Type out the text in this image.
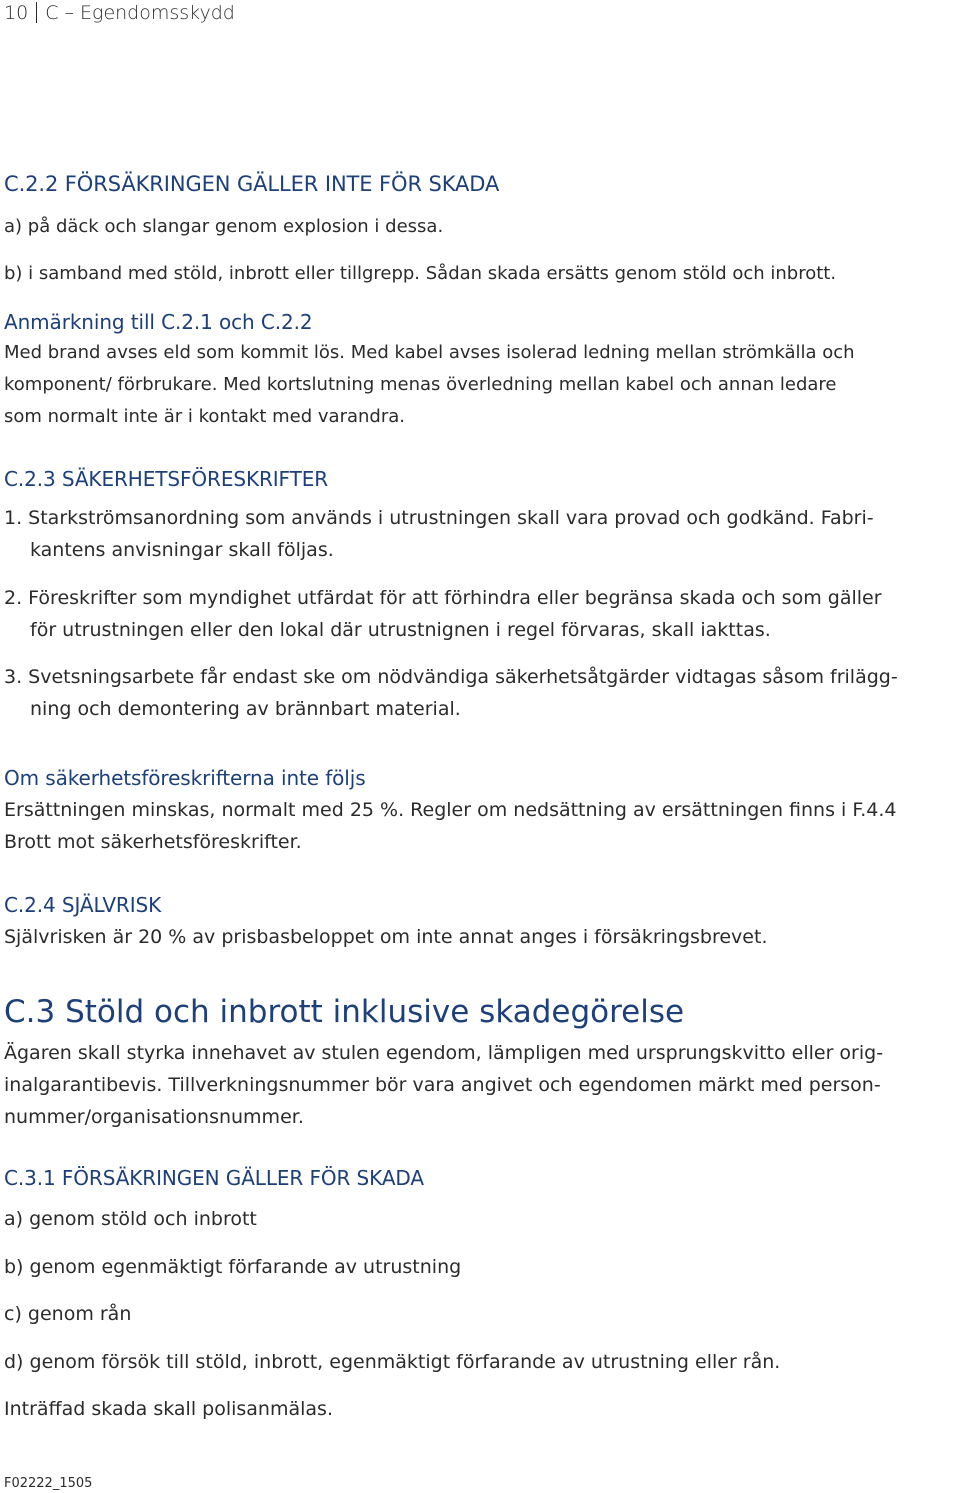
10 C – Egendomsskydd
C.2.2 FÖRSÄKRINGEN GÄLLER INTE FÖR SKADA
a) på däck och slangar genom explosion i dessa.
b) i samband med stöld, inbrott eller tillgrepp. Sådan skada ersätts genom stöld och inbrott.
Anmärkning till C.2.1 och C.2.2
Med brand avses eld som kommit lös. Med kabel avses isolerad ledning mellan strömkälla och
komponent/ förbrukare. Med kortslutning menas överledning mellan kabel och annan ledare
som normalt inte är i kontakt med varandra.
C.2.3 SÄKERHETSFÖRESKRIFTER
1. Starkströmsanordning som används i utrustningen skall vara provad och godkänd. Fabri-
kantens anvisningar skall följas.
2. Föreskrifter som myndighet utfärdat för att förhindra eller begränsa skada och som gäller
för utrustningen eller den lokal där utrustnignen i regel förvaras, skall iakttas.
3. Svetsningsarbete får endast ske om nödvändiga säkerhetsåtgärder vidtagas såsom frilägg-
ning och demontering av brännbart material.
Om säkerhetsföreskrifterna inte följs
Ersättningen minskas, normalt med 25 %. Regler om nedsättning av ersättningen finns i F.4.4
Brott mot säkerhetsföreskrifter.
C.2.4 SJÄLVRISK
Självrisken är 20 % av prisbasbeloppet om inte annat anges i försäkringsbrevet.
C.3 Stöld och inbrott inklusive skadegörelse
Ägaren skall styrka innehavet av stulen egendom, lämpligen med ursprungskvitto eller orig-
inalgarantibevis. Tillverkningsnummer bör vara angivet och egendomen märkt med person-
nummer/organisationsnummer.
C.3.1 FÖRSÄKRINGEN GÄLLER FÖR SKADA
a) genom stöld och inbrott
b) genom egenmäktigt förfarande av utrustning
c) genom rån
d) genom försök till stöld, inbrott, egenmäktigt förfarande av utrustning eller rån.
Inträffad skada skall polisanmälas.
F02222_1505
